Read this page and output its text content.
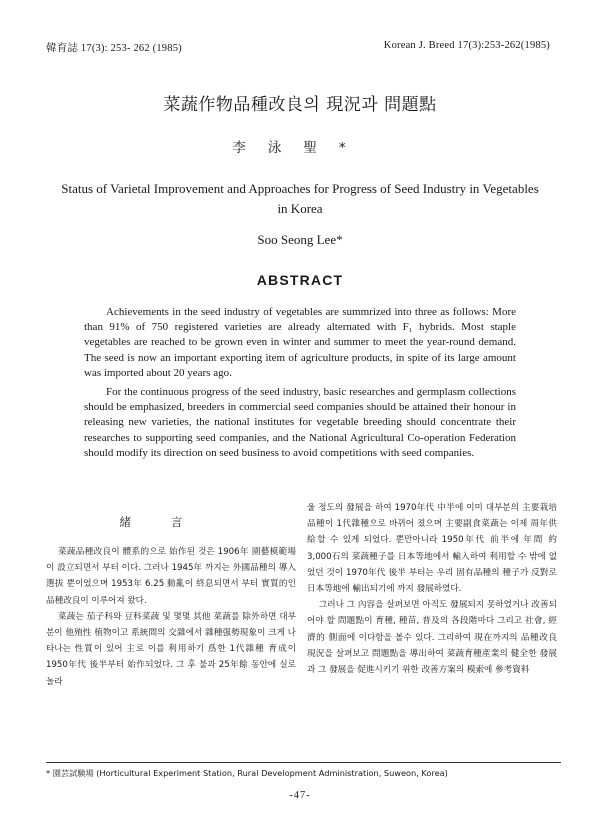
韓育誌 17(3): 253- 262 (1985)	Korean J. Breed 17(3):253-262(1985)
菜蔬作物品種改良의 現況과 問題點
李泳聖*
Status of Varietal Improvement and Approaches for Progress of Seed Industry in Vegetables in Korea
Soo Seong Lee*
ABSTRACT

Achievements in the seed industry of vegetables are summrized into three as follows: More than 91% of 750 registered varieties are already alternated with F₁ hybrids. Most staple vegetables are reached to be grown even in winter and summer to meet the year-round demand. The seed is now an important exporting item of agriculture products, in spite of its large amount was imported about 20 years ago.

For the continuous progress of the seed industry, basic researches and germplasm collections should be emphasized, breeders in commercial seed companies should be attained their honour in releasing new varieties, the national institutes for vegetable breeding should concentrate their researches to supporting seed companies, and the National Agricultural Co-operation Federation should modify its direction on seed business to avoid competitions with seed companies.

緒言

菜蔬品種改良이 體系的으로 始作된 것은 1906年 園藝模範場이 設立되면서 부터 이다. 그러나 1945年 까지는 外國品種의 導入選拔 뿐이었으며 1953年 6.25 動亂이 終息되면서 부터 實質的인 品種改良이 이루어져 왔다.

菜蔬는 茄子科와 豆科菜蔬 및 몇몇 其他 菜蔬를 除外하면 대부분이 他殖性 植物이고 系統間의 交雜에서 雜種强勢現象이 크게 나타나는 性質이 있어 主로 이를 利用하기 爲한 1代雜種 育成이 1950年代 後半부터 始作되었다. 그 후 불과 25年餘 동안에 실로 놀라

울 정도의 發展을 하여 1970年代 中半에 이미 대부분의 主要栽培品種이 1代雜種으로 바뀌어 졌으며 主要副食菜蔬는 이제 周年供給할 수 있게 되었다. 뿐만아니라 1950年代 前半에 年間 約 3,000石의 菜蔬種子를 日本等地에서 輸入하여 利用할 수 밖에 없었던 것이 1970年代 後半 부터는 우리 固有品種의 種子가 反對로 日本等地에 輸出되기에 까지 發展하였다.

그러나 그 內容을 살펴보면 아직도 發展되지 못하였거나 改善되어야 할 問題點이 育種, 種苗, 普及의 各段階마다 그리고 社會, 經濟的 側面에 이다함을 볼수 있다. 그리하여 現在까지의 品種改良 現況을 살펴보고 問題點을 導出하여 菜蔬育種產業의 健全한 發展과 그 發展을 促進시키기 위한 改善方案의 模索에 參考資料

* 園芸試験場 (Horticultural Experiment Station, Rural Development Administration, Suweon, Korea)
-47-
